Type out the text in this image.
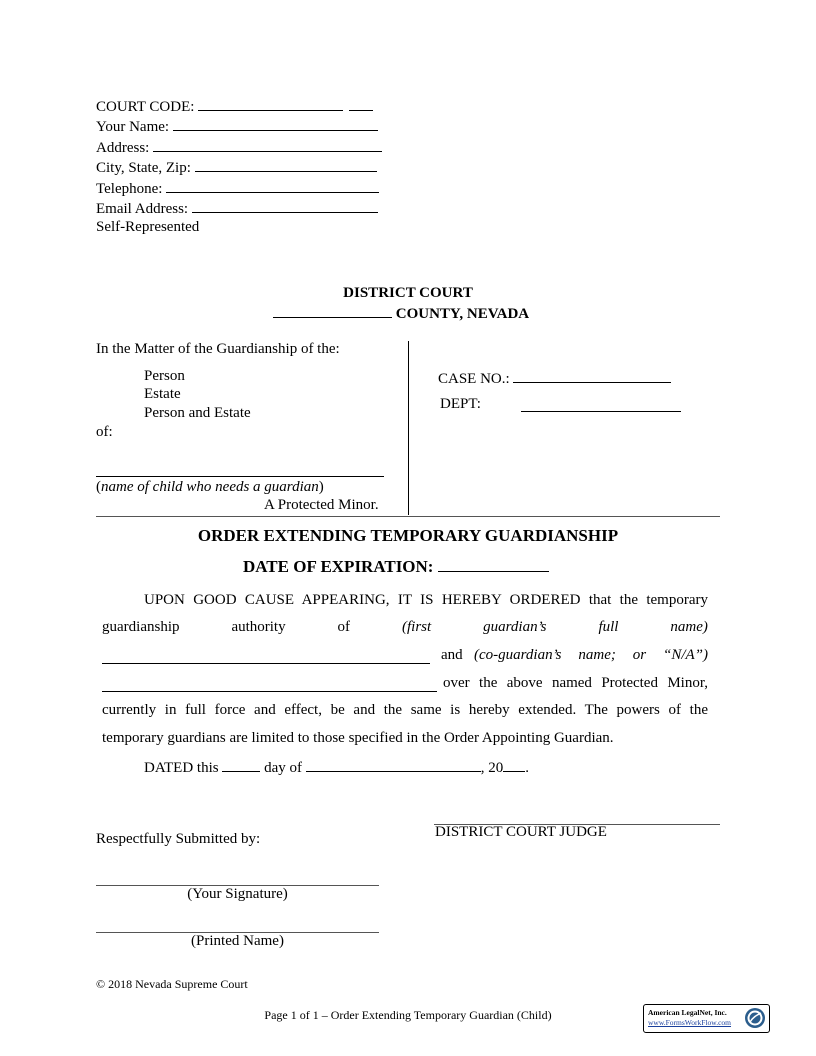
COURT CODE:
Your Name:
Address:
City, State, Zip:
Telephone:
Email Address:
Self-Represented
DISTRICT COURT
COUNTY, NEVADA
In the Matter of the Guardianship of the:
Person
Estate
Person and Estate
of:
(name of child who needs a guardian)
A Protected Minor.
CASE NO.:
DEPT:
ORDER EXTENDING TEMPORARY GUARDIANSHIP
DATE OF EXPIRATION:
UPON GOOD CAUSE APPEARING, IT IS HEREBY ORDERED that the temporary
guardianship	authority	of	(first	guardian’s	full	name)
and (co-guardian’s name; or “N/A”)
over the above named Protected Minor,
currently in full force and effect, be and the same is hereby extended. The powers of the
temporary guardians are limited to those specified in the Order Appointing Guardian.
DATED this	day of	, 20 .
DISTRICT COURT JUDGE
Respectfully Submitted by:
(Your Signature)
(Printed Name)
© 2018 Nevada Supreme Court
Page 1 of 1 – Order Extending Temporary Guardian (Child)	American LegalNet, Inc.
www.FormsWorkFlow.com
